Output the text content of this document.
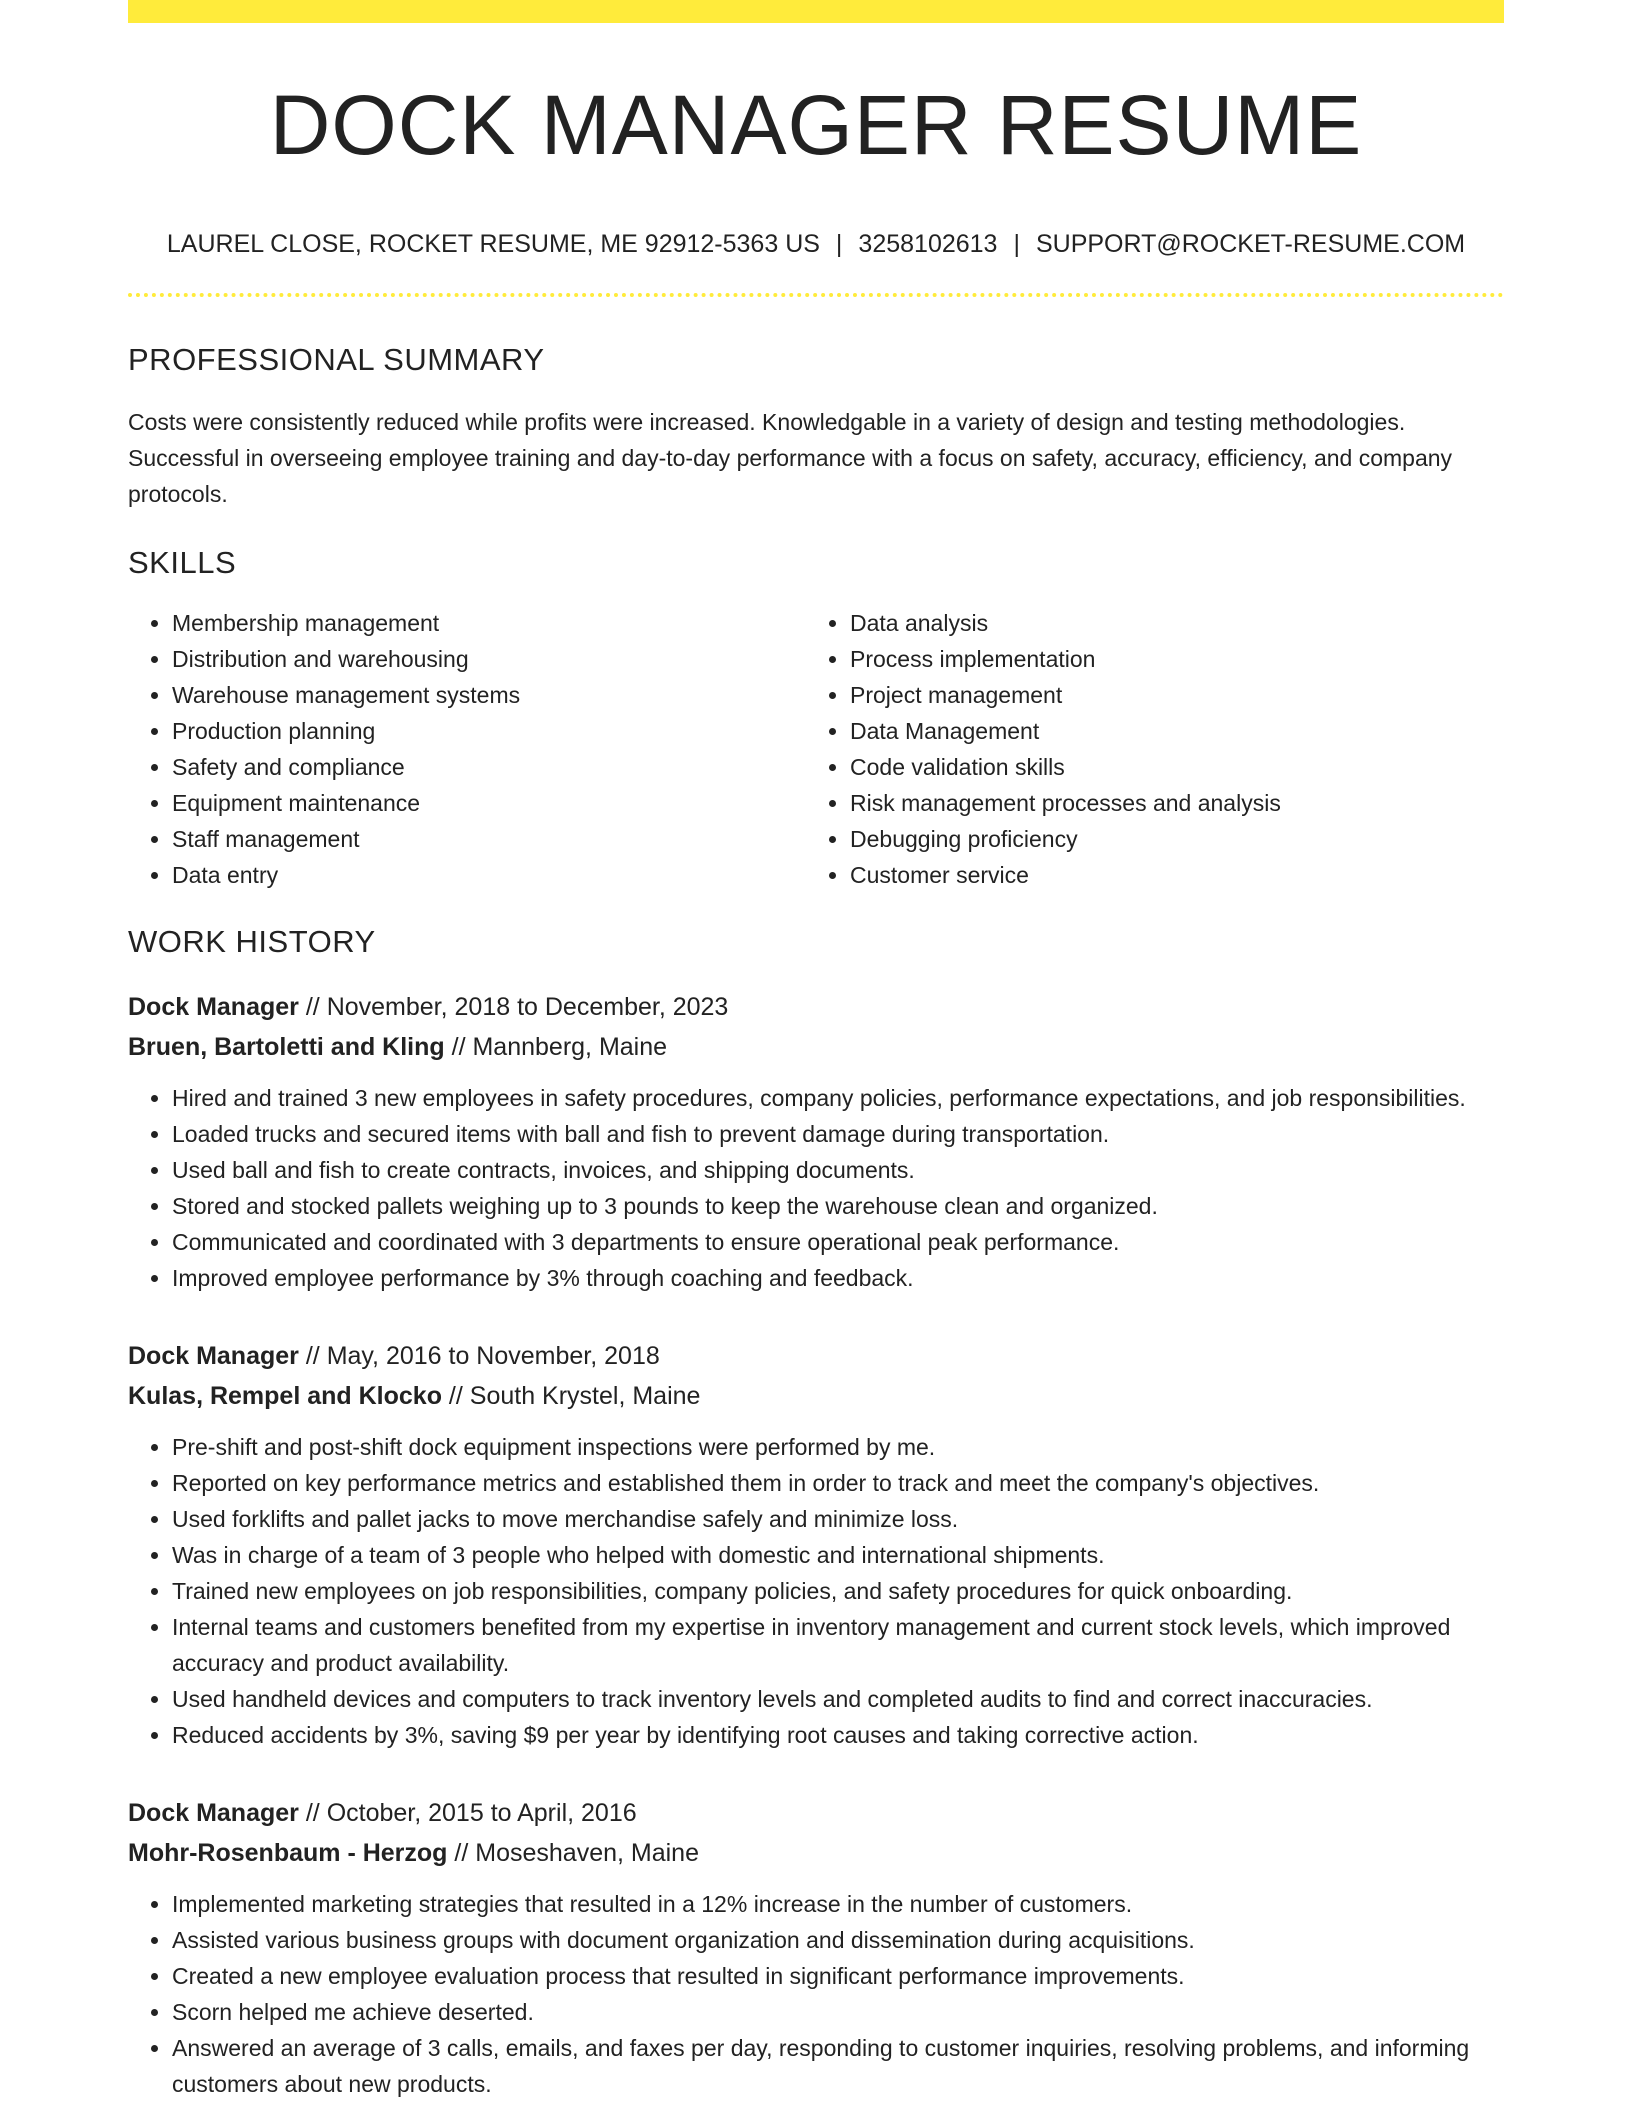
DOCK MANAGER RESUME
LAUREL CLOSE, ROCKET RESUME, ME 92912-5363 US | 3258102613 | SUPPORT@ROCKET-RESUME.COM
PROFESSIONAL SUMMARY

Costs were consistently reduced while profits were increased. Knowledgable in a variety of design and testing methodologies. Successful in overseeing employee training and day-to-day performance with a focus on safety, accuracy, efficiency, and company protocols.

SKILLS
• Membership management
• Distribution and warehousing
• Warehouse management systems
• Production planning
• Safety and compliance
• Equipment maintenance
• Staff management
• Data entry
• Data analysis
• Process implementation
• Project management
• Data Management
• Code validation skills
• Risk management processes and analysis
• Debugging proficiency
• Customer service
WORK HISTORY
Dock Manager // November, 2018 to December, 2023
Bruen, Bartoletti and Kling // Mannberg, Maine
• Hired and trained 3 new employees in safety procedures, company policies, performance expectations, and job responsibilities.
• Loaded trucks and secured items with ball and fish to prevent damage during transportation.
• Used ball and fish to create contracts, invoices, and shipping documents.
• Stored and stocked pallets weighing up to 3 pounds to keep the warehouse clean and organized.
• Communicated and coordinated with 3 departments to ensure operational peak performance.
• Improved employee performance by 3% through coaching and feedback.
Dock Manager // May, 2016 to November, 2018
Kulas, Rempel and Klocko // South Krystel, Maine
• Pre-shift and post-shift dock equipment inspections were performed by me.
• Reported on key performance metrics and established them in order to track and meet the company's objectives.
• Used forklifts and pallet jacks to move merchandise safely and minimize loss.
• Was in charge of a team of 3 people who helped with domestic and international shipments.
• Trained new employees on job responsibilities, company policies, and safety procedures for quick onboarding.
• Internal teams and customers benefited from my expertise in inventory management and current stock levels, which improved accuracy and product availability.
• Used handheld devices and computers to track inventory levels and completed audits to find and correct inaccuracies.
• Reduced accidents by 3%, saving $9 per year by identifying root causes and taking corrective action.
Dock Manager // October, 2015 to April, 2016
Mohr-Rosenbaum - Herzog // Moseshaven, Maine
• Implemented marketing strategies that resulted in a 12% increase in the number of customers.
• Assisted various business groups with document organization and dissemination during acquisitions.
• Created a new employee evaluation process that resulted in significant performance improvements.
• Scorn helped me achieve deserted.
• Answered an average of 3 calls, emails, and faxes per day, responding to customer inquiries, resolving problems, and informing customers about new products.
